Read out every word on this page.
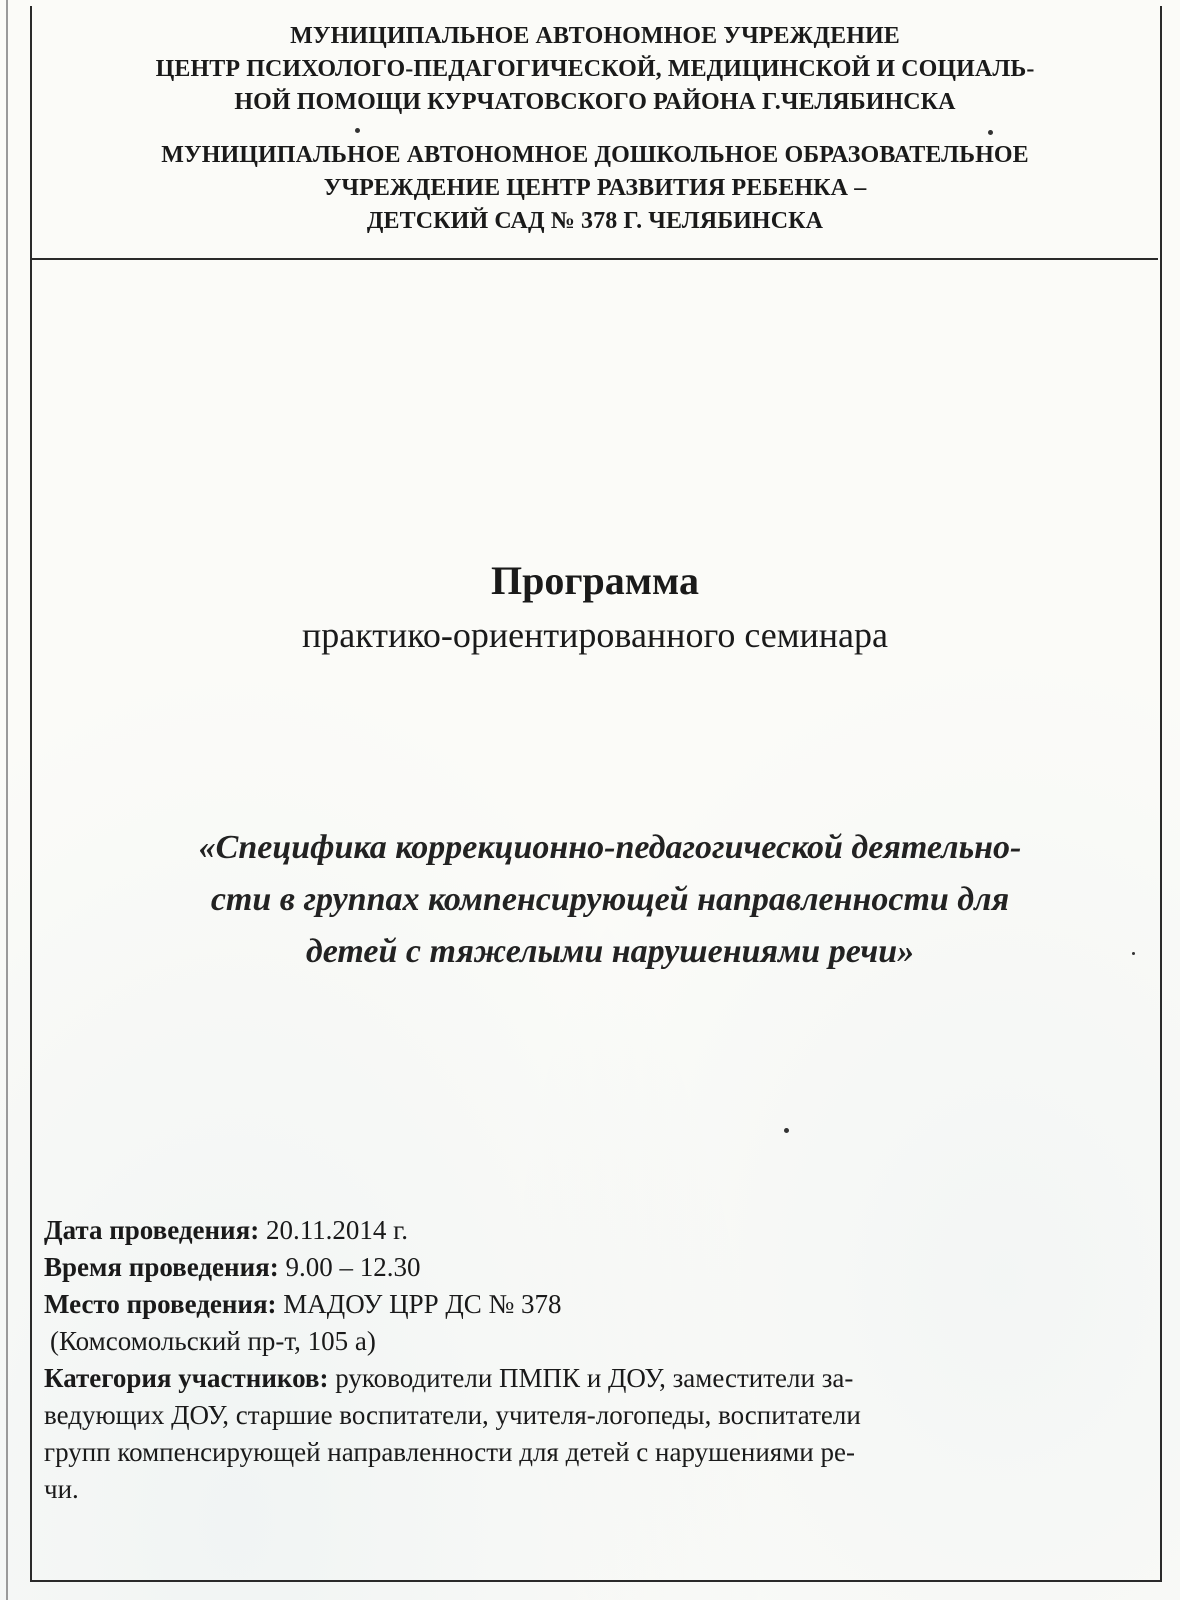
МУНИЦИПАЛЬНОЕ АВТОНОМНОЕ УЧРЕЖДЕНИЕ
ЦЕНТР ПСИХОЛОГО-ПЕДАГОГИЧЕСКОЙ, МЕДИЦИНСКОЙ И СОЦИАЛЬ-
НОЙ ПОМОЩИ КУРЧАТОВСКОГО РАЙОНА Г.ЧЕЛЯБИНСКА
МУНИЦИПАЛЬНОЕ АВТОНОМНОЕ ДОШКОЛЬНОЕ ОБРАЗОВАТЕЛЬНОЕ
УЧРЕЖДЕНИЕ ЦЕНТР РАЗВИТИЯ РЕБЕНКА –
ДЕТСКИЙ САД № 378 Г. ЧЕЛЯБИНСКА
Программа
практико-ориентированного семинара
«Специфика коррекционно-педагогической деятельно-
сти в группах компенсирующей направленности для
детей с тяжелыми нарушениями речи»
Дата проведения: 20.11.2014 г.
Время проведения: 9.00 – 12.30
Место проведения: МАДОУ ЦРР ДС № 378
(Комсомольский пр-т, 105 а)
Категория участников: руководители ПМПК и ДОУ, заместители за-
ведующих ДОУ, старшие воспитатели, учителя-логопеды, воспитатели
групп компенсирующей направленности для детей с нарушениями ре-
чи.
